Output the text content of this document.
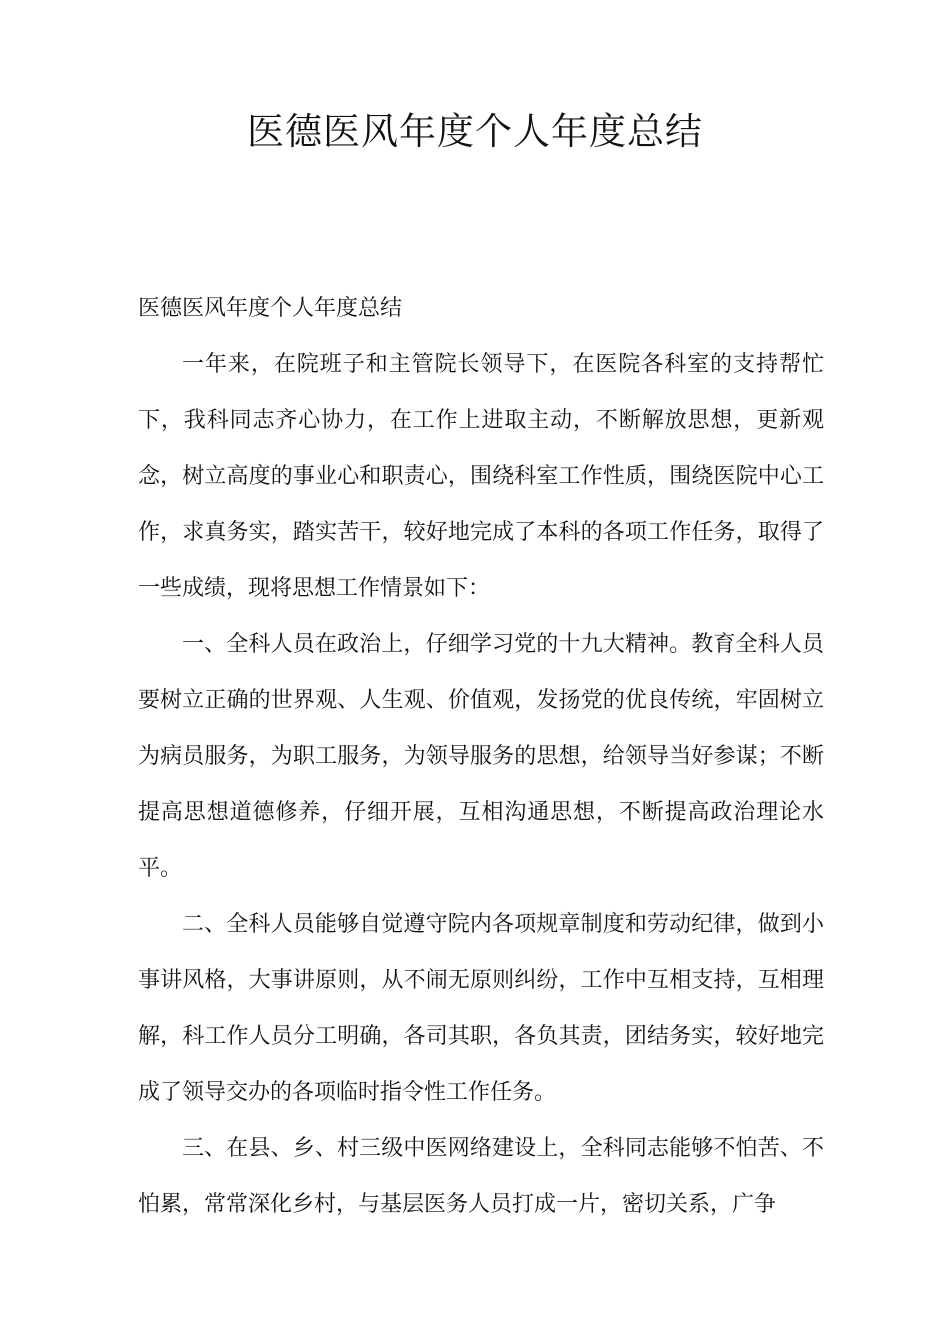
医德医风年度个人年度总结

医德医风年度个人年度总结

一年来，在院班子和主管院长领导下，在医院各科室的支持帮忙下，我科同志齐心协力，在工作上进取主动，不断解放思想，更新观念，树立高度的事业心和职责心，围绕科室工作性质，围绕医院中心工作，求真务实，踏实苦干，较好地完成了本科的各项工作任务，取得了一些成绩，现将思想工作情景如下：

一、全科人员在政治上，仔细学习党的十九大精神。教育全科人员要树立正确的世界观、人生观、价值观，发扬党的优良传统，牢固树立为病员服务，为职工服务，为领导服务的思想，给领导当好参谋；不断提高思想道德修养，仔细开展，互相沟通思想，不断提高政治理论水平。

二、全科人员能够自觉遵守院内各项规章制度和劳动纪律，做到小事讲风格，大事讲原则，从不闹无原则纠纷，工作中互相支持，互相理解，科工作人员分工明确，各司其职，各负其责，团结务实，较好地完成了领导交办的各项临时指令性工作任务。

三、在县、乡、村三级中医网络建设上，全科同志能够不怕苦、不怕累，常常深化乡村，与基层医务人员打成一片，密切关系，广争
